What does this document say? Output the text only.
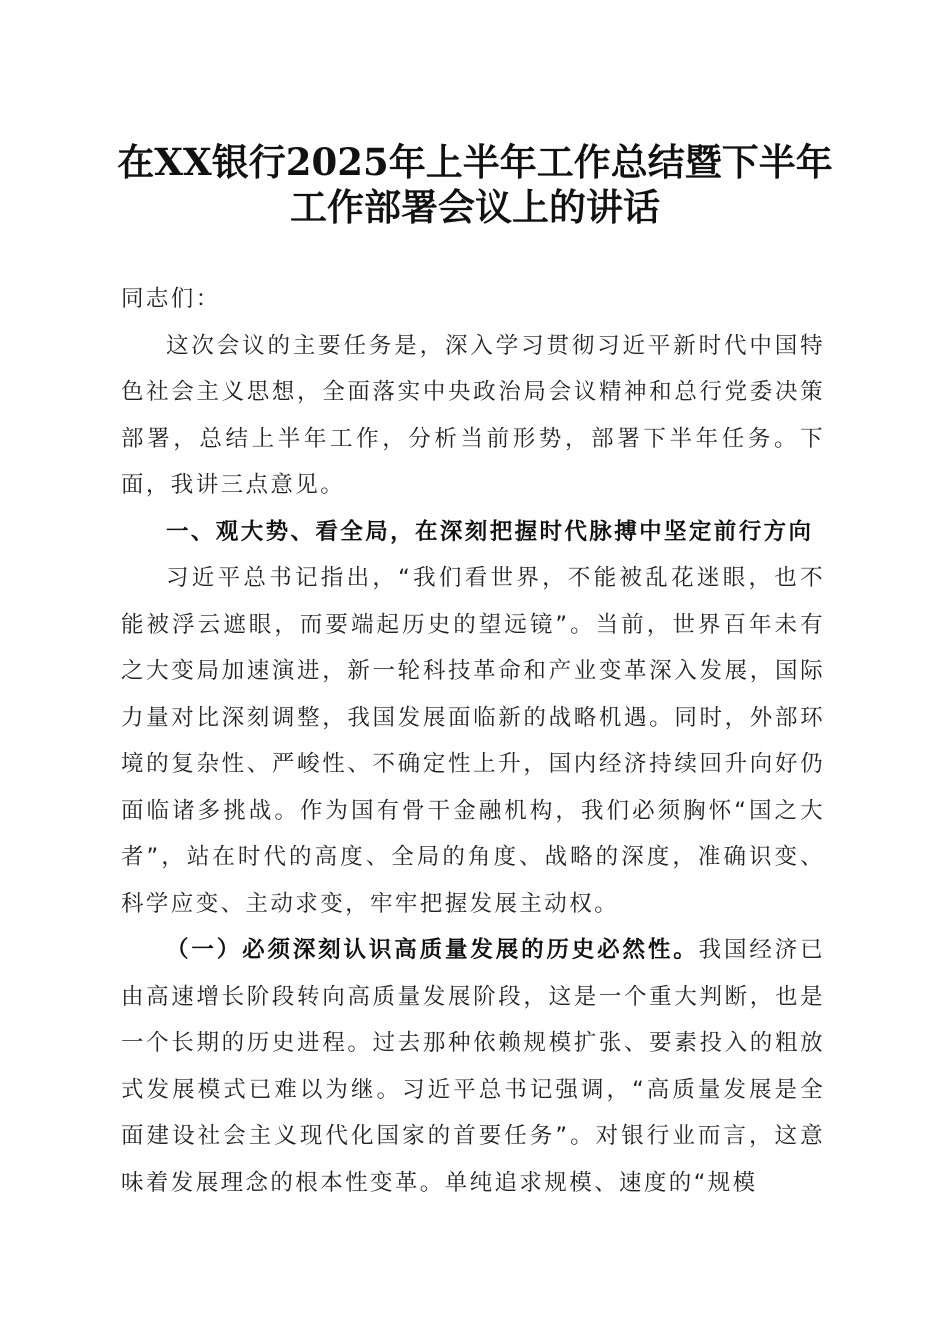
在XX银行2025年上半年工作总结暨下半年
工作部署会议上的讲话

同志们：

这次会议的主要任务是，深入学习贯彻习近平新时代中国特色社会主义思想，全面落实中央政治局会议精神和总行党委决策部署，总结上半年工作，分析当前形势，部署下半年任务。下面，我讲三点意见。

一、观大势、看全局，在深刻把握时代脉搏中坚定前行方向

习近平总书记指出，“我们看世界，不能被乱花迷眼，也不能被浮云遮眼，而要端起历史的望远镜”。当前，世界百年未有之大变局加速演进，新一轮科技革命和产业变革深入发展，国际力量对比深刻调整，我国发展面临新的战略机遇。同时，外部环境的复杂性、严峻性、不确定性上升，国内经济持续回升向好仍面临诸多挑战。作为国有骨干金融机构，我们必须胸怀“国之大者”，站在时代的高度、全局的角度、战略的深度，准确识变、科学应变、主动求变，牢牢把握发展主动权。

（一）必须深刻认识高质量发展的历史必然性。我国经济已由高速增长阶段转向高质量发展阶段，这是一个重大判断，也是一个长期的历史进程。过去那种依赖规模扩张、要素投入的粗放式发展模式已难以为继。习近平总书记强调，“高质量发展是全面建设社会主义现代化国家的首要任务”。对银行业而言，这意味着发展理念的根本性变革。单纯追求规模、速度的“规模
